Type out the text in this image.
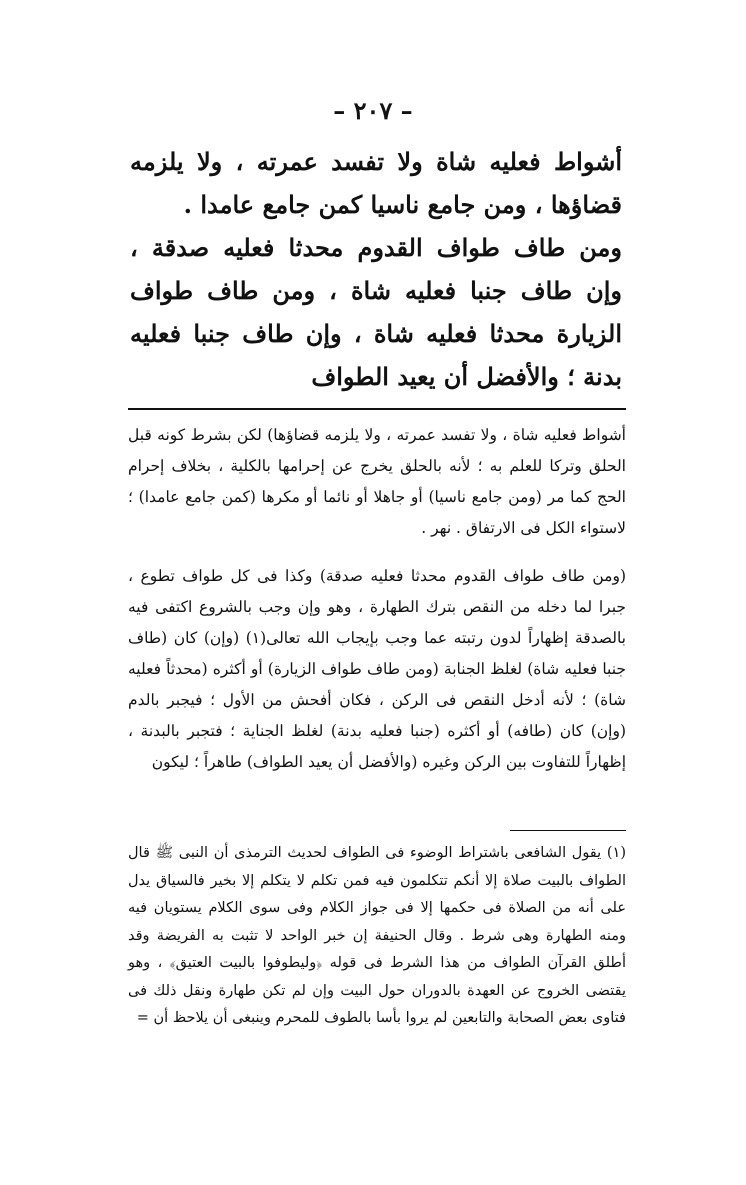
– ٢٠٧ –

أشواط فعليه شاة ولا تفسد عمرته ، ولا يلزمه قضاؤها ، ومن جامع ناسيا كمن جامع عامدا .

ومن طاف طواف القدوم محدثا فعليه صدقة ، وإن طاف جنبا فعليه شاة ، ومن طاف طواف الزيارة محدثا فعليه شاة ، وإن طاف جنبا فعليه بدنة ؛ والأفضل أن يعيد الطواف

أشواط فعليه شاة ، ولا تفسد عمرته ، ولا يلزمه قضاؤها) لكن بشرط كونه قبل الحلق وتركا للعلم به ؛ لأنه بالحلق يخرج عن إحرامها بالكلية ، بخلاف إحرام الحج كما مر (ومن جامع ناسيا) أو جاهلا أو نائما أو مكرها (كمن جامع عامدا) ؛ لاستواء الكل فى الارتفاق . نهر .

(ومن طاف طواف القدوم محدثا فعليه صدقة) وكذا فى كل طواف تطوع ، جبرا لما دخله من النقص بترك الطهارة ، وهو وإن وجب بالشروع اكتفى فيه بالصدقة إظهاراً لدون رتبته عما وجب بإيجاب الله تعالى(١) (وإن) كان (طاف جنبا فعليه شاة) لغلظ الجنابة (ومن طاف طواف الزيارة) أو أكثره (محدثاً فعليه شاة) ؛ لأنه أدخل النقص فى الركن ، فكان أفحش من الأول ؛ فيجبر بالدم (وإن) كان (طافه) أو أكثره (جنبا فعليه بدنة) لغلظ الجناية ؛ فتجبر بالبدنة ، إظهاراً للتفاوت بين الركن وغيره (والأفضل أن يعيد الطواف) طاهراً ؛ ليكون

(١) يقول الشافعى باشتراط الوضوء فى الطواف لحديث الترمذى أن النبى ﷺ قال الطواف بالبيت صلاة إلا أنكم تتكلمون فيه فمن تكلم لا يتكلم إلا بخير فالسياق يدل على أنه من الصلاة فى حكمها إلا فى جواز الكلام وفى سوى الكلام يستويان فيه ومنه الطهارة وهى شرط . وقال الحنيفة إن خبر الواحد لا تثبت به الفريضة وقد أطلق القرآن الطواف من هذا الشرط فى قوله ﴿وليطوفوا بالبيت العتيق﴾ ، وهو يقتضى الخروج عن العهدة بالدوران حول البيت وإن لم تكن طهارة ونقل ذلك فى فتاوى بعض الصحابة والتابعين لم يروا بأسا بالطوف للمحرم وينبغى أن يلاحظ أن =
